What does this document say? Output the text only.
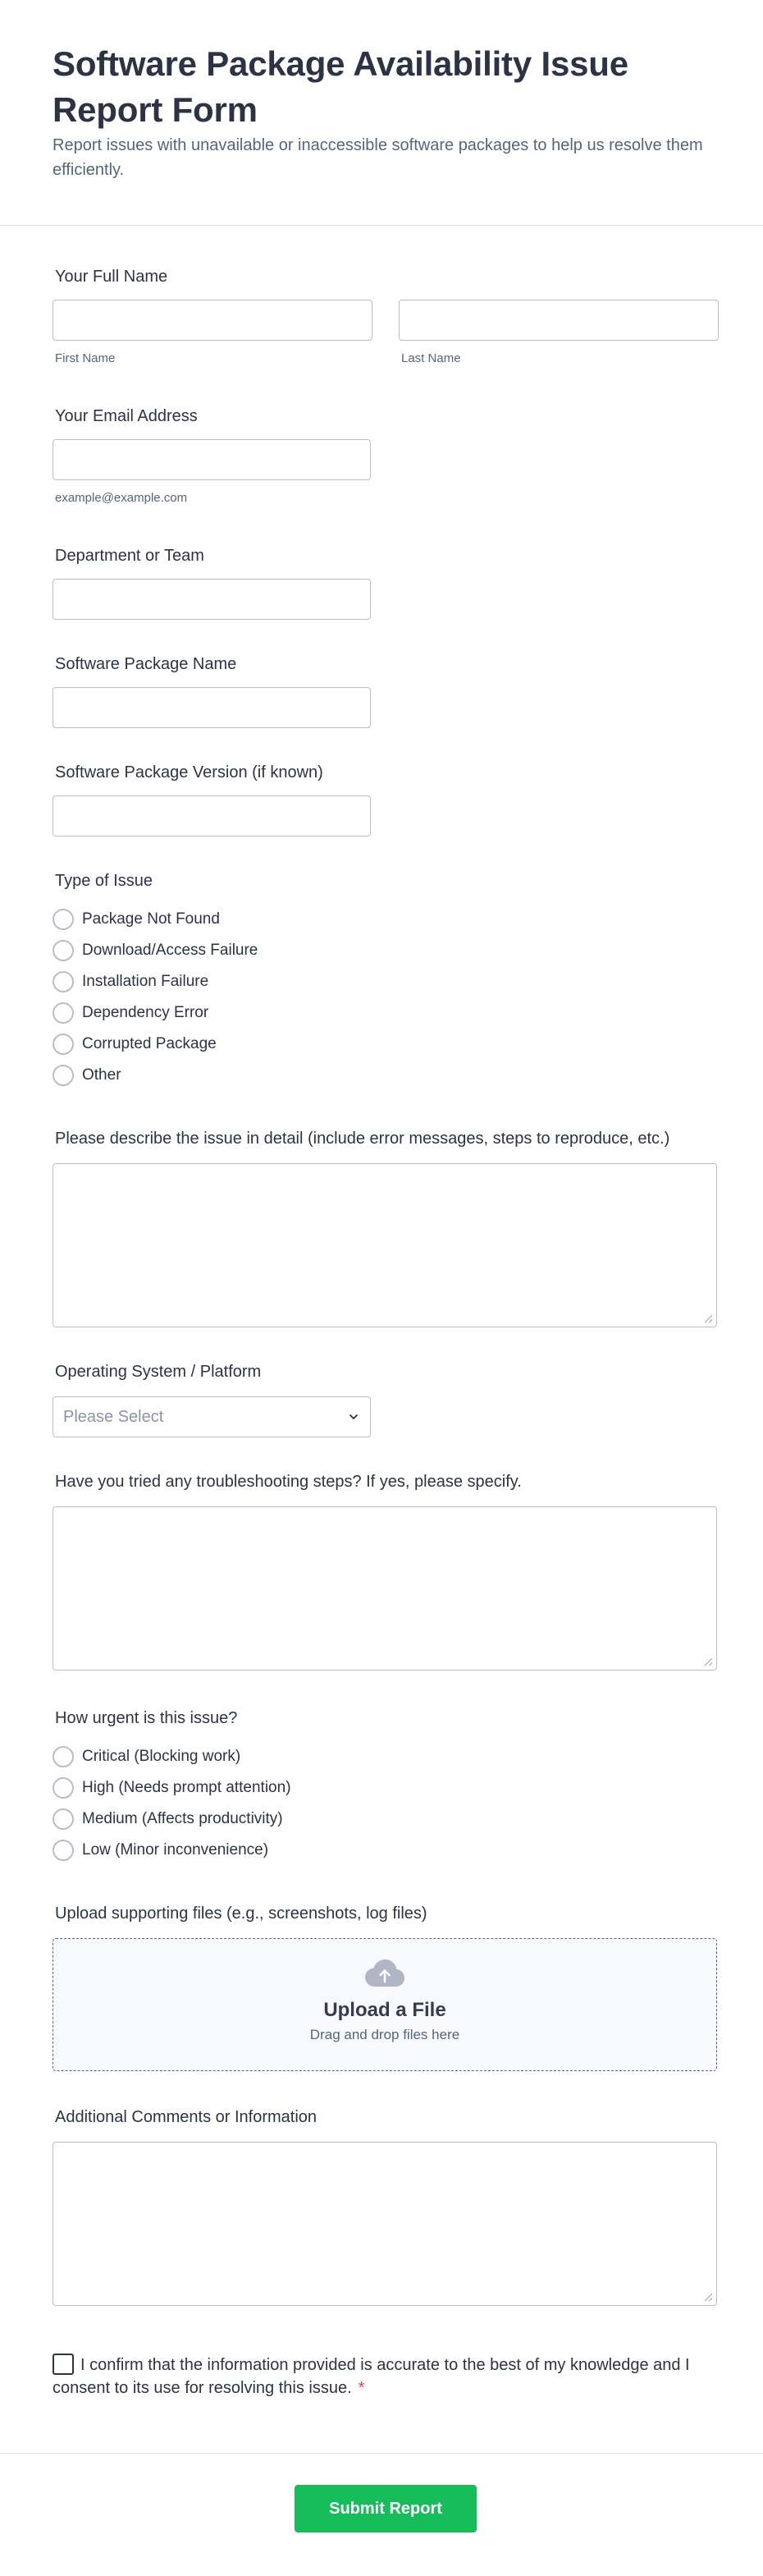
Software Package Availability Issue Report Form
Report issues with unavailable or inaccessible software packages to help us resolve them efficiently.
Your Full Name
First Name	Last Name
Your Email Address
example@example.com
Department or Team
Software Package Name
Software Package Version (if known)
Type of Issue
Package Not Found
Download/Access Failure
Installation Failure
Dependency Error
Corrupted Package
Other
Please describe the issue in detail (include error messages, steps to reproduce, etc.)
Operating System / Platform
Please Select
Have you tried any troubleshooting steps? If yes, please specify.
How urgent is this issue?
Critical (Blocking work)
High (Needs prompt attention)
Medium (Affects productivity)
Low (Minor inconvenience)
Upload supporting files (e.g., screenshots, log files)
Upload a File
Drag and drop files here
Additional Comments or Information
I confirm that the information provided is accurate to the best of my knowledge and I consent to its use for resolving this issue. *
Submit Report
